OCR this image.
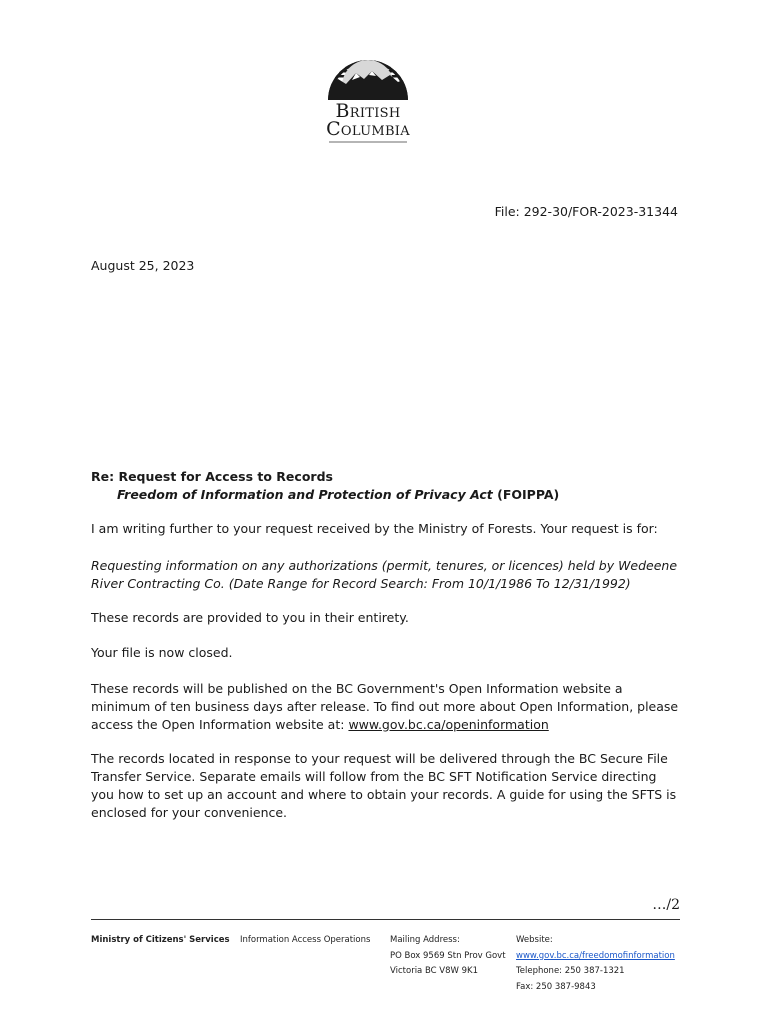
British
Columbia
File: 292-30/FOR-2023-31344
August 25, 2023
Re: Request for Access to Records
Freedom of Information and Protection of Privacy Act (FOIPPA)
I am writing further to your request received by the Ministry of Forests. Your request is for:
Requesting information on any authorizations (permit, tenures, or licences) held by Wedeene River Contracting Co. (Date Range for Record Search: From 10/1/1986 To 12/31/1992)
These records are provided to you in their entirety.
Your file is now closed.
These records will be published on the BC Government's Open Information website a minimum of ten business days after release. To find out more about Open Information, please access the Open Information website at: www.gov.bc.ca/openinformation
The records located in response to your request will be delivered through the BC Secure File Transfer Service. Separate emails will follow from the BC SFT Notification Service directing you how to set up an account and where to obtain your records. A guide for using the SFTS is enclosed for your convenience.
…/2
Ministry of Citizens' Services Information Access Operations Mailing Address:
PO Box 9569 Stn Prov Govt
Victoria BC V8W 9K1
Website:
www.gov.bc.ca/freedomofinformation
Telephone: 250 387-1321
Fax: 250 387-9843
